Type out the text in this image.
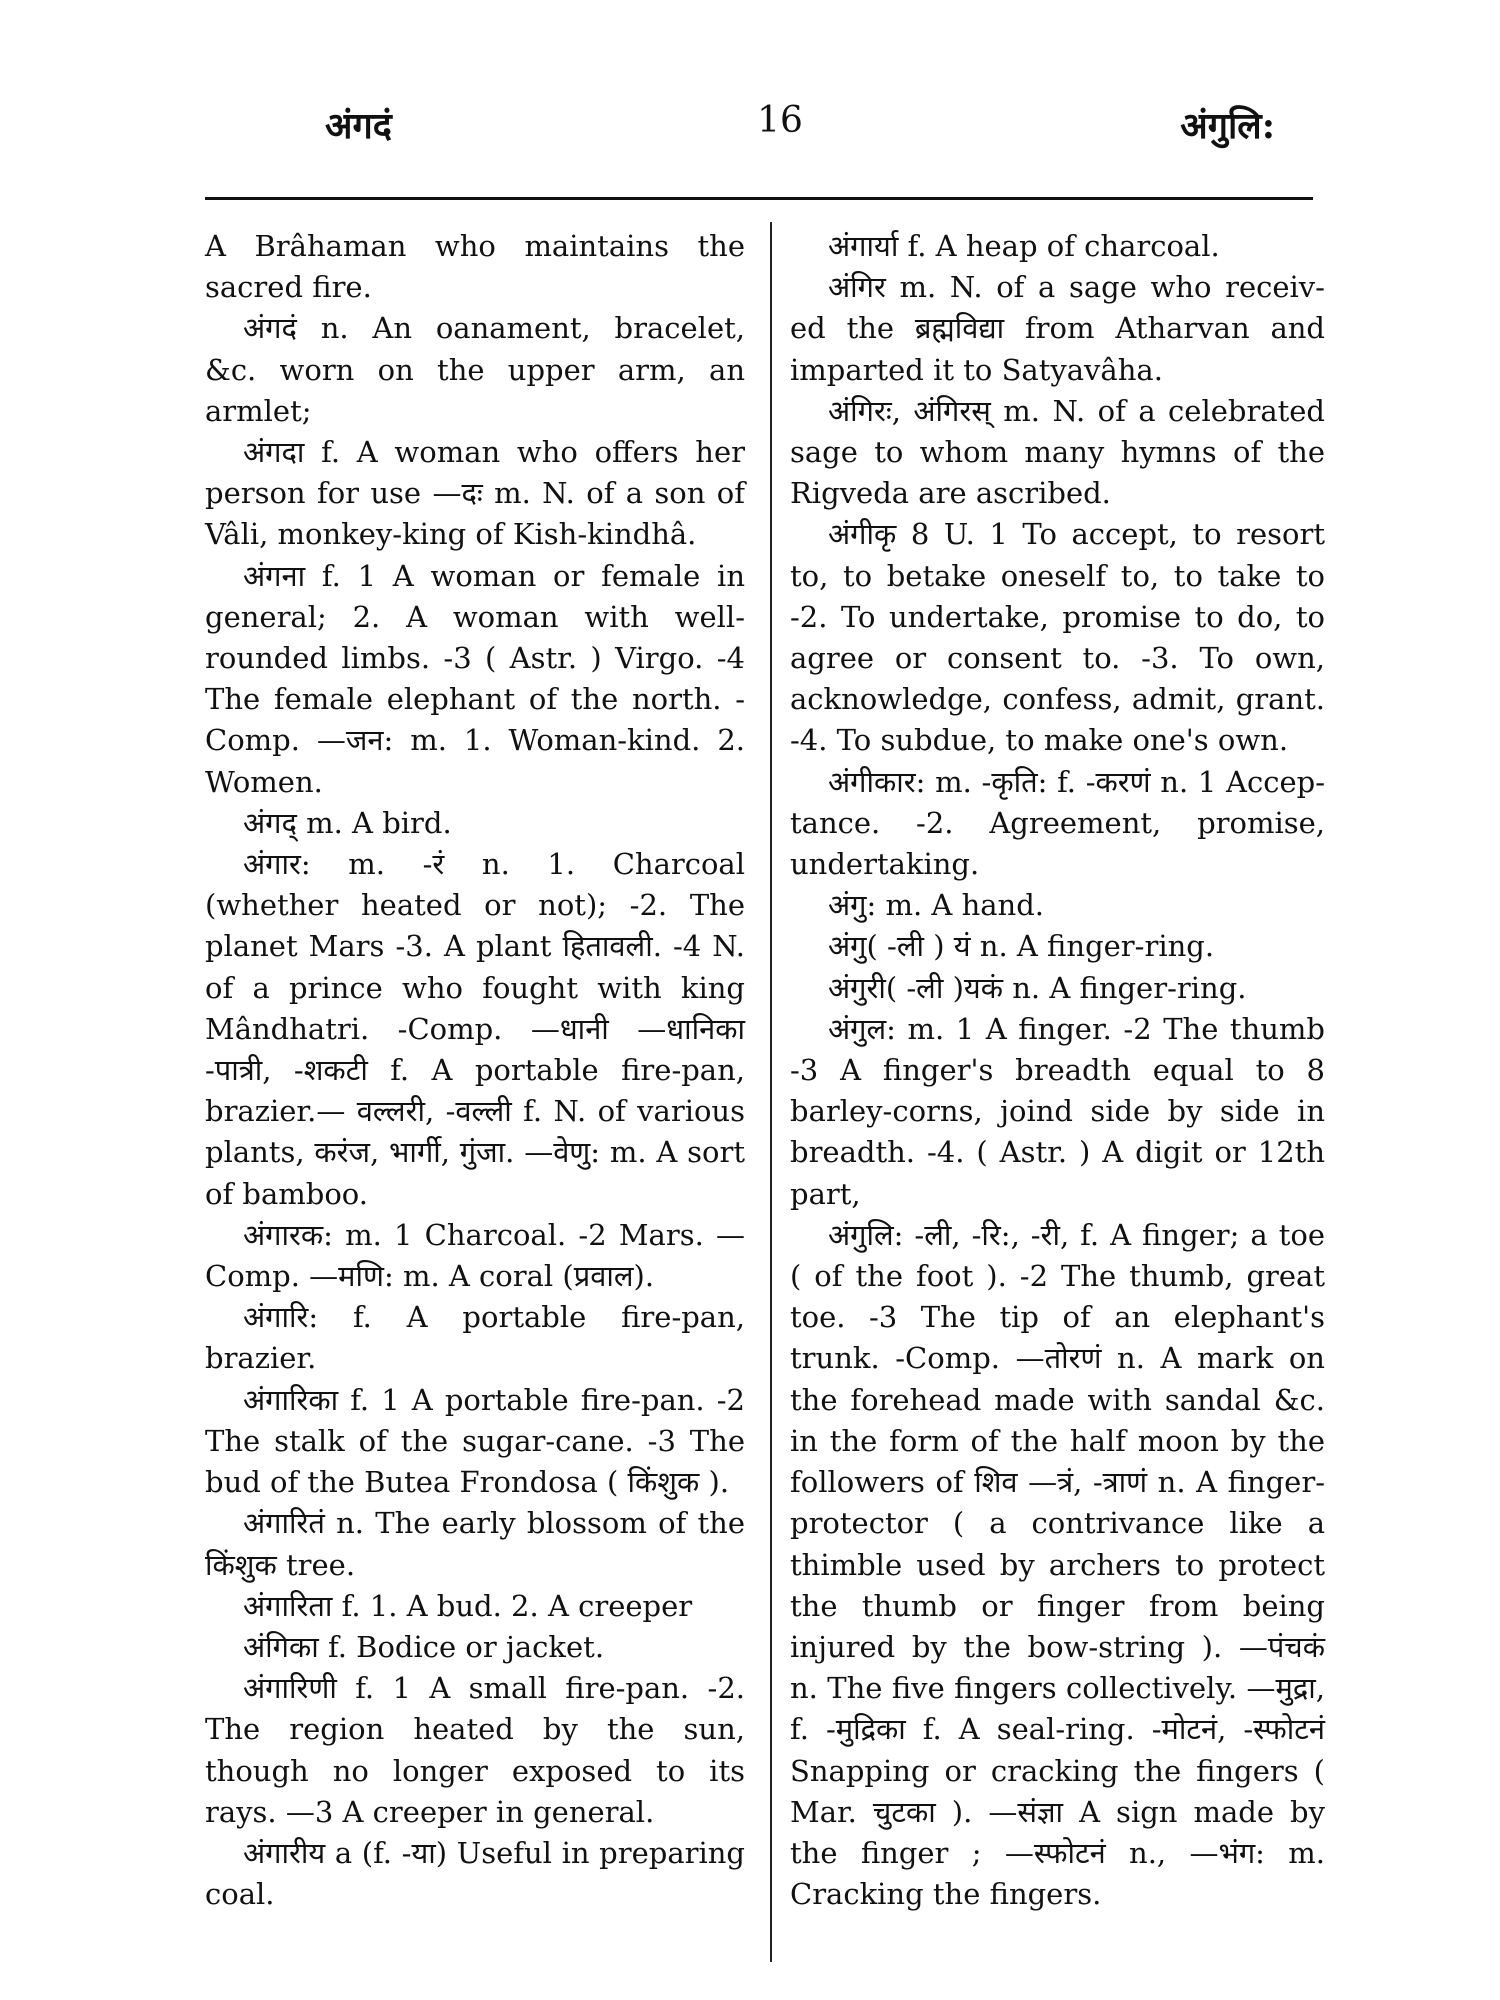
अंगदं	16	अंगुलि:

A Brâhaman who maintains the sacred fire.

अंगदं n. An oanament, bracelet, &c. worn on the upper arm, an armlet;

अंगदा f. A woman who offers her person for use —दः m. N. of a son of Vâli, monkey-king of Kish-kindhâ.

अंगना f. 1 A woman or female in general; 2. A woman with well-rounded limbs. -3 ( Astr. ) Virgo. -4 The female elephant of the north. -Comp. —जन: m. 1. Woman-kind. 2. Women.

अंगद् m. A bird.

अंगार: m. -रं n. 1. Charcoal (whether heated or not); -2. The planet Mars -3. A plant हितावली. -4 N. of a prince who fought with king Mândhatri. -Comp. —धानी —धानिका -पात्री, -शकटी f. A portable fire-pan, brazier.— वल्लरी, -वल्ली f. N. of various plants, करंज, भार्गी, गुंजा. —वेणु: m. A sort of bamboo.

अंगारक: m. 1 Charcoal. -2 Mars. —Comp. —मणि: m. A coral (प्रवाल).

अंगारि: f. A portable fire-pan, brazier.

अंगारिका f. 1 A portable fire-pan. -2 The stalk of the sugar-cane. -3 The bud of the Butea Frondosa ( किंशुक ).

अंगारितं n. The early blossom of the किंशुक tree.

अंगारिता f. 1. A bud. 2. A creeper

अंगिका f. Bodice or jacket.

अंगारिणी f. 1 A small fire-pan. -2. The region heated by the sun, though no longer exposed to its rays. —3 A creeper in general.

अंगारीय a (f. -या) Useful in preparing coal.

अंगार्या f. A heap of charcoal.

अंगिर m. N. of a sage who receiv-ed the ब्रह्मविद्या from Atharvan and imparted it to Satyavâha.

अंगिरः, अंगिरस् m. N. of a celebrated sage to whom many hymns of the Rigveda are ascribed.

अंगीकृ 8 U. 1 To accept, to resort to, to betake oneself to, to take to -2. To undertake, promise to do, to agree or consent to. -3. To own, acknowledge, confess, admit, grant. -4. To subdue, to make one's own.

अंगीकार: m. -कृति: f. -करणं n. 1 Accep-tance. -2. Agreement, promise, undertaking.

अंगु: m. A hand.

अंगु( -ली ) यं n. A finger-ring.

अंगुरी( -ली )यकं n. A finger-ring.

अंगुल: m. 1 A finger. -2 The thumb -3 A finger's breadth equal to 8 barley-corns, joind side by side in breadth. -4. ( Astr. ) A digit or 12th part,

अंगुलि: -ली, -रि:, -री, f. A finger; a toe ( of the foot ). -2 The thumb, great toe. -3 The tip of an elephant's trunk. -Comp. —तोरणं n. A mark on the forehead made with sandal &c. in the form of the half moon by the followers of शिव —त्रं, -त्राणं n. A finger-protector ( a contrivance like a thimble used by archers to protect the thumb or finger from being injured by the bow-string ). —पंचकं n. The five fingers collectively. —मुद्रा, f. -मुद्रिका f. A seal-ring. -मोटनं, -स्फोटनं Snapping or cracking the fingers ( Mar. चुटका ). —संज्ञा A sign made by the finger ; —स्फोटनं n., —भंग: m. Cracking the fingers.
